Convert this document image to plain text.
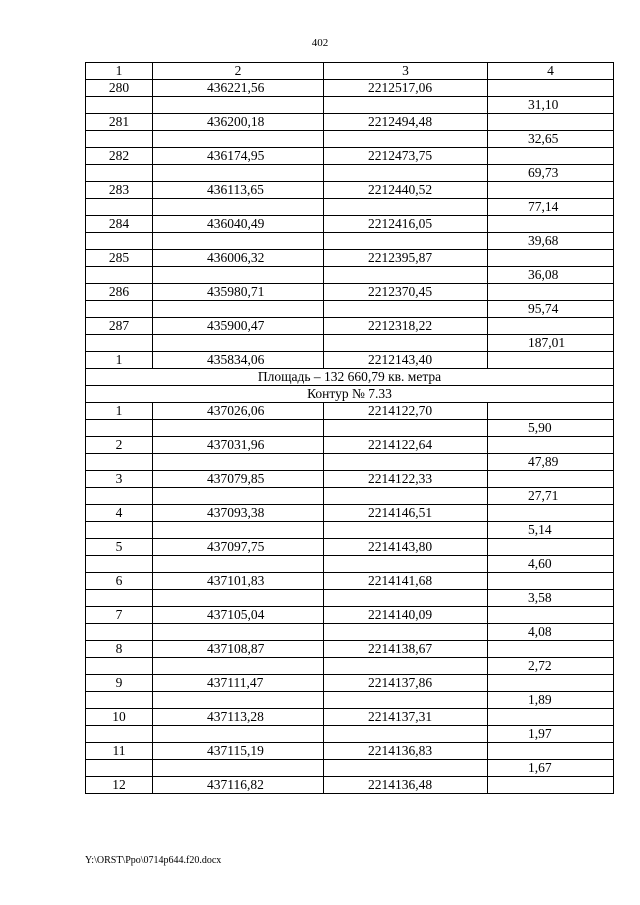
402
1	2	3	4
280	436221,56	2212517,06	
			31,10
281	436200,18	2212494,48	
			32,65
282	436174,95	2212473,75	
			69,73
283	436113,65	2212440,52	
			77,14
284	436040,49	2212416,05	
			39,68
285	436006,32	2212395,87	
			36,08
286	435980,71	2212370,45	
			95,74
287	435900,47	2212318,22	
			187,01
1	435834,06	2212143,40	
Площадь – 132 660,79 кв. метра			
Контур № 7.33			
1	437026,06	2214122,70	
			5,90
2	437031,96	2214122,64	
			47,89
3	437079,85	2214122,33	
			27,71
4	437093,38	2214146,51	
			5,14
5	437097,75	2214143,80	
			4,60
6	437101,83	2214141,68	
			3,58
7	437105,04	2214140,09	
			4,08
8	437108,87	2214138,67	
			2,72
9	437111,47	2214137,86	
			1,89
10	437113,28	2214137,31	
			1,97
11	437115,19	2214136,83	
			1,67
12	437116,82	2214136,48	
Y:\ORST\Ppo\0714p644.f20.docx
